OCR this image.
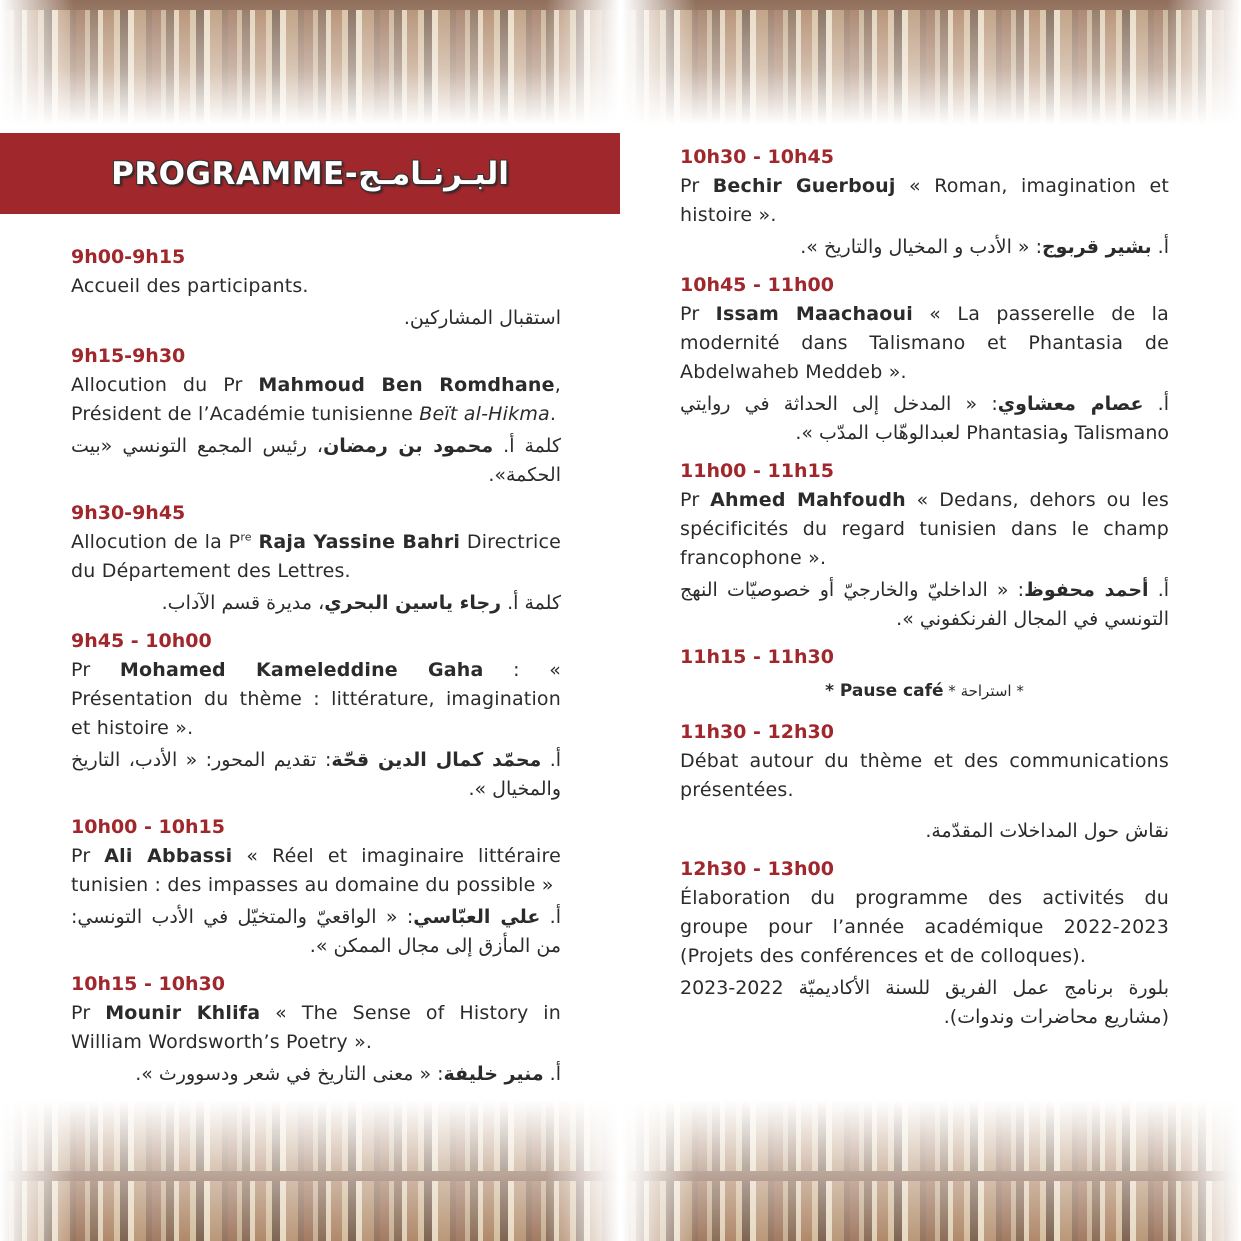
PROGRAMME-البـرنـامـج

9h00-9h15

Accueil des participants.

استقبال المشاركين.

9h15-9h30

Allocution du Pr Mahmoud Ben Romdhane, Président de l’Académie tunisienne Beït al-Hikma.

كلمة أ. محمود بن رمضان، رئيس المجمع التونسي «بيت الحكمة».

9h30-9h45

Allocution de la $P^{re}$ Raja Yassine Bahri Directrice du Département des Lettres.

كلمة أ. رجاء ياسين البحري، مديرة قسم الآداب.

9h45 - 10h00

Pr Mohamed Kameleddine Gaha : « Présentation du thème : littérature, imagination et histoire ».

أ. محمّد كمال الدين قحّة: تقديم المحور: « الأدب، التاريخ والمخيال ».

10h00 - 10h15

Pr Ali Abbassi « Réel et imaginaire littéraire tunisien : des impasses au domaine du possible »

أ. علي العبّاسي: « الواقعيّ والمتخيّل في الأدب التونسي: من المأزق إلى مجال الممكن ».

10h15 - 10h30

Pr Mounir Khlifa « The Sense of History in William Wordsworth’s Poetry ».

أ. منير خليفة: « معنى التاريخ في شعر ودسوورث ».

10h30 - 10h45

Pr Bechir Guerbouj « Roman, imagination et histoire ».

أ. بشير قربوج: « الأدب و المخيال والتاريخ ».

10h45 - 11h00

Pr Issam Maachaoui « La passerelle de la modernité dans Talismano et Phantasia de Abdelwaheb Meddeb ».

أ. عصام معشاوي: « المدخل إلى الحداثة في روايتي Talismano وPhantasia لعبدالوهّاب المدّب ».

11h00 - 11h15

Pr Ahmed Mahfoudh « Dedans, dehors ou les spécificités du regard tunisien dans le champ francophone ».

أ. أحمد محفوظ: « الداخليّ والخارجيّ أو خصوصيّات النهج التونسي في المجال الفرنكفوني ».

11h15 - 11h30

* Pause café * استراحة *

11h30 - 12h30

Débat autour du thème et des communications présentées.

نقاش حول المداخلات المقدّمة.

12h30 - 13h00

Élaboration du programme des activités du groupe pour l’année académique 2022-2023 (Projets des conférences et de colloques).

بلورة برنامج عمل الفريق للسنة الأكاديميّة 2022-2023 (مشاريع محاضرات وندوات).
